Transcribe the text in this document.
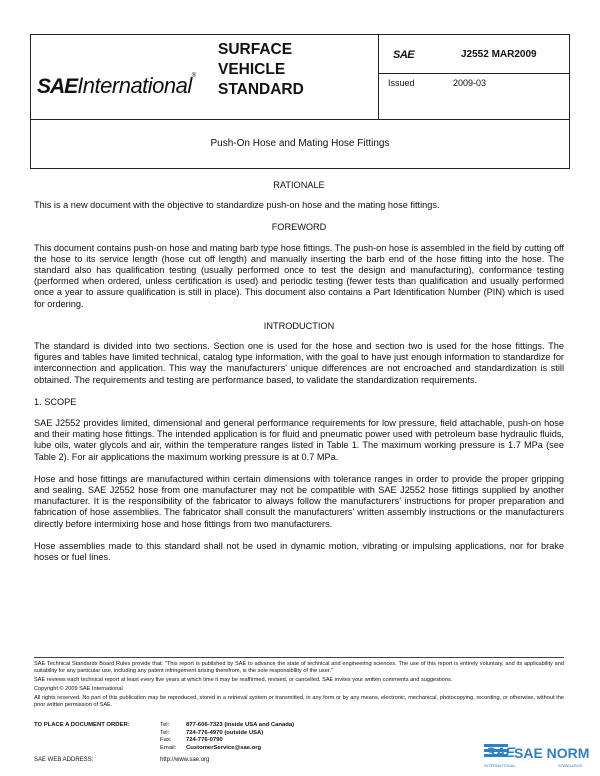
SAEInternational®
SURFACE
VEHICLE
STANDARD
SAE	J2552 MAR2009
Issued	2009-03
Push-On Hose and Mating Hose Fittings
RATIONALE
This is a new document with the objective to standardize push-on hose and the mating hose fittings.
FOREWORD
This document contains push-on hose and mating barb type hose fittings. The push-on hose is assembled in the field by cutting off the hose to its service length (hose cut off length) and manually inserting the barb end of the hose fitting into the hose. The standard also has qualification testing (usually performed once to test the design and manufacturing), conformance testing (performed when ordered, unless certification is used) and periodic testing (fewer tests than qualification and usually performed once a year to assure qualification is still in place). This document also contains a Part Identification Number (PIN) which is used for ordering.
INTRODUCTION
The standard is divided into two sections. Section one is used for the hose and section two is used for the hose fittings. The figures and tables have limited technical, catalog type information, with the goal to have just enough information to standardize for interconnection and application. This way the manufacturers' unique differences are not encroached and standardization is still obtained. The requirements and testing are performance based, to validate the standardization requirements.
1. SCOPE
SAE J2552 provides limited, dimensional and general performance requirements for low pressure, field attachable, push-on hose and their mating hose fittings. The intended application is for fluid and pneumatic power used with petroleum base hydraulic fluids, lube oils, water glycols and air, within the temperature ranges listed in Table 1. The maximum working pressure is 1.7 MPa (see Table 2). For air applications the maximum working pressure is at 0.7 MPa.
Hose and hose fittings are manufactured within certain dimensions with tolerance ranges in order to provide the proper gripping and sealing. SAE J2552 hose from one manufacturer may not be compatible with SAE J2552 hose fittings supplied by another manufacturer. It is the responsibility of the fabricator to always follow the manufacturers' instructions for proper preparation and fabrication of hose assemblies. The fabricator shall consult the manufacturers' written assembly instructions or the manufacturers directly before intermixing hose and hose fittings from two manufacturers.
Hose assemblies made to this standard shall not be used in dynamic motion, vibrating or impulsing applications, nor for brake hoses or fuel lines.

SAE Technical Standards Board Rules provide that: "This report is published by SAE to advance the state of technical and engineering sciences. The use of this report is entirely voluntary, and its applicability and suitability for any particular use, including any patent infringement arising therefrom, is the sole responsibility of the user."

SAE reviews each technical report at least every five years at which time it may be reaffirmed, revised, or cancelled. SAE invites your written comments and suggestions.

Copyright © 2009 SAE International

All rights reserved. No part of this publication may be reproduced, stored in a retrieval system or transmitted, in any form or by any means, electronic, mechanical, photocopying, recording, or otherwise, without the prior written permission of SAE.

TO PLACE A DOCUMENT ORDER:	Tel:	877-606-7323 (inside USA and Canada)
Tel:	724-776-4970 (outside USA)
Fax: 724-776-0790
Email: CustomerService@sae.org
SAE WEB ADDRESS:	http://www.sae.org	SAE SAE NORM
INTERNATIONAL	STANDARDS
